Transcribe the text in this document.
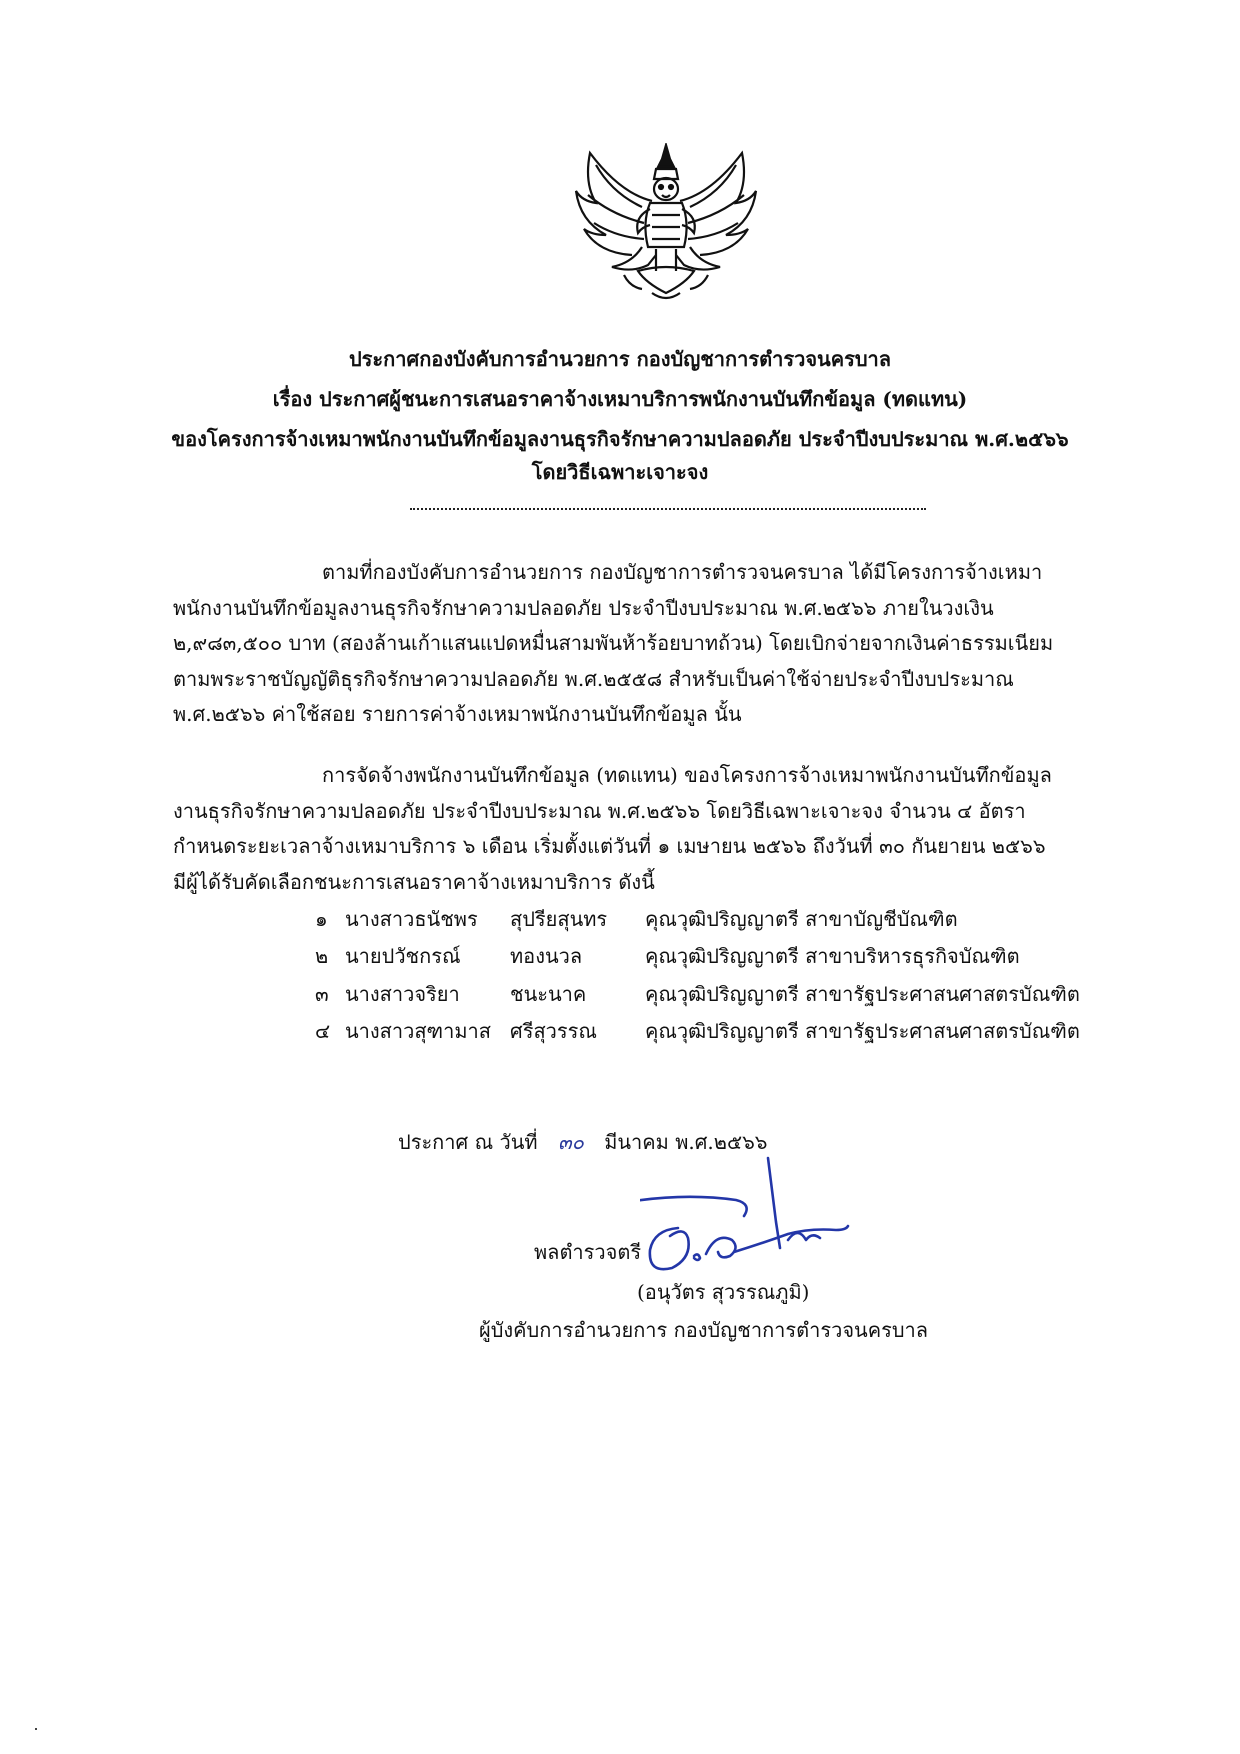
ประกาศกองบังคับการอำนวยการ กองบัญชาการตำรวจนครบาล
เรื่อง ประกาศผู้ชนะการเสนอราคาจ้างเหมาบริการพนักงานบันทึกข้อมูล (ทดแทน)
ของโครงการจ้างเหมาพนักงานบันทึกข้อมูลงานธุรกิจรักษาความปลอดภัย ประจำปีงบประมาณ พ.ศ.๒๕๖๖
โดยวิธีเฉพาะเจาะจง
ตามที่กองบังคับการอำนวยการ กองบัญชาการตำรวจนครบาล ได้มีโครงการจ้างเหมา
พนักงานบันทึกข้อมูลงานธุรกิจรักษาความปลอดภัย ประจำปีงบประมาณ พ.ศ.๒๕๖๖ ภายในวงเงิน
๒,๙๘๓,๕๐๐ บาท (สองล้านเก้าแสนแปดหมื่นสามพันห้าร้อยบาทถ้วน) โดยเบิกจ่ายจากเงินค่าธรรมเนียม
ตามพระราชบัญญัติธุรกิจรักษาความปลอดภัย พ.ศ.๒๕๕๘ สำหรับเป็นค่าใช้จ่ายประจำปีงบประมาณ
พ.ศ.๒๕๖๖ ค่าใช้สอย รายการค่าจ้างเหมาพนักงานบันทึกข้อมูล นั้น
การจัดจ้างพนักงานบันทึกข้อมูล (ทดแทน) ของโครงการจ้างเหมาพนักงานบันทึกข้อมูล
งานธุรกิจรักษาความปลอดภัย ประจำปีงบประมาณ พ.ศ.๒๕๖๖ โดยวิธีเฉพาะเจาะจง จำนวน ๔ อัตรา
กำหนดระยะเวลาจ้างเหมาบริการ ๖ เดือน เริ่มตั้งแต่วันที่ ๑ เมษายน ๒๕๖๖ ถึงวันที่ ๓๐ กันยายน ๒๕๖๖
มีผู้ได้รับคัดเลือกชนะการเสนอราคาจ้างเหมาบริการ ดังนี้
๑ นางสาวธนัชพร สุปรียสุนทร คุณวุฒิปริญญาตรี สาขาบัญชีบัณฑิต
๒ นายปวัชกรณ์ ทองนวล	คุณวุฒิปริญญาตรี สาขาบริหารธุรกิจบัณฑิต
๓ นางสาวจริยา	ชนะนาค	คุณวุฒิปริญญาตรี สาขารัฐประศาสนศาสตรบัณฑิต
๔ นางสาวสุฑามาส ศรีสุวรรณ คุณวุฒิปริญญาตรี สาขารัฐประศาสนศาสตรบัณฑิต
ประกาศ ณ วันที่ ๓๐ มีนาคม พ.ศ.๒๕๖๖
พลตำรวจตรี
(อนุวัตร สุวรรณภูมิ)
ผู้บังคับการอำนวยการ กองบัญชาการตำรวจนครบาล
